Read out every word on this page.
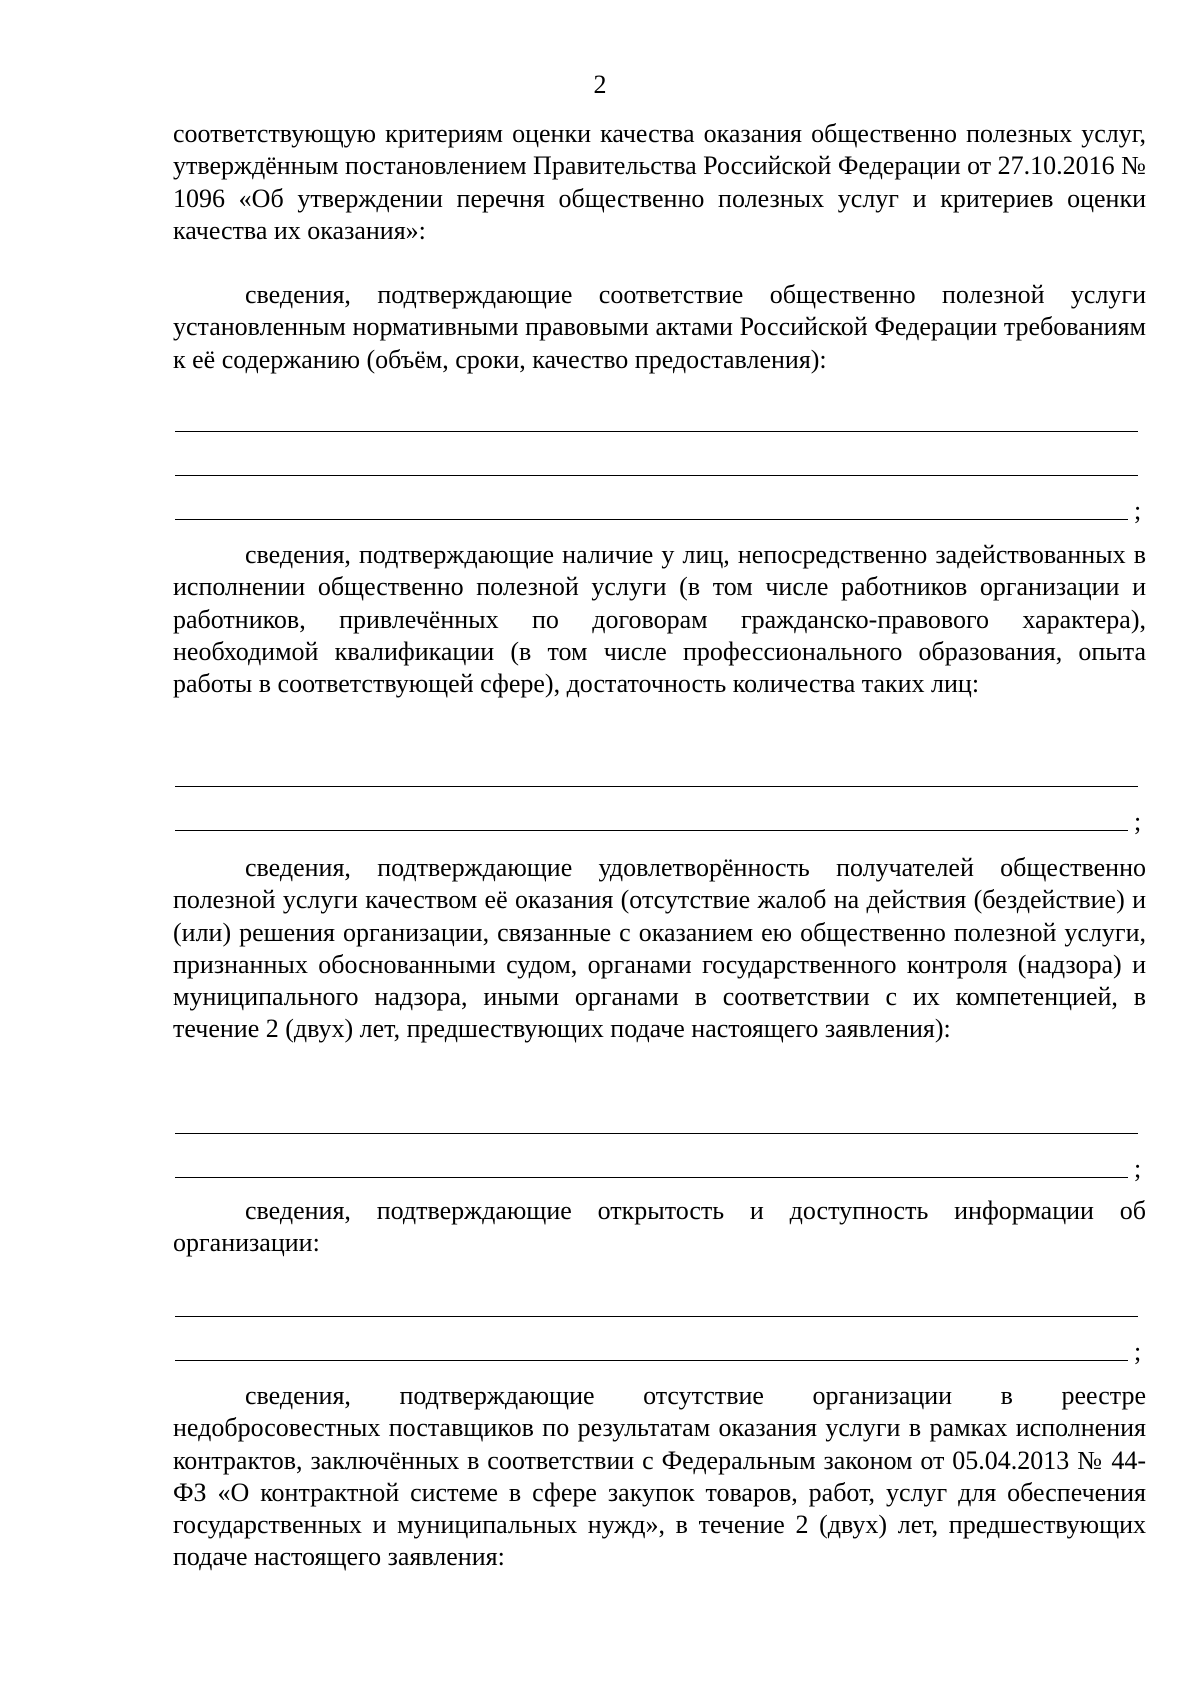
2

соответствующую критериям оценки качества оказания общественно полезных услуг, утверждённым постановлением Правительства Российской Федерации от 27.10.2016 № 1096 «Об утверждении перечня общественно полезных услуг и критериев оценки качества их оказания»:

сведения, подтверждающие соответствие общественно полезной услуги установленным нормативными правовыми актами Российской Федерации требованиям к её содержанию (объём, сроки, качество предоставления):

;

сведения, подтверждающие наличие у лиц, непосредственно задействованных в исполнении общественно полезной услуги (в том числе работников организации и работников, привлечённых по договорам гражданско-правового характера), необходимой квалификации (в том числе профессионального образования, опыта работы в соответствующей сфере), достаточность количества таких лиц:

;

сведения, подтверждающие удовлетворённость получателей общественно полезной услуги качеством её оказания (отсутствие жалоб на действия (бездействие) и (или) решения организации, связанные с оказанием ею общественно полезной услуги, признанных обоснованными судом, органами государственного контроля (надзора) и муниципального надзора, иными органами в соответствии с их компетенцией, в течение 2 (двух) лет, предшествующих подаче настоящего заявления):

;

сведения, подтверждающие открытость и доступность информации об организации:

;

сведения, подтверждающие отсутствие организации в реестре недобросовестных поставщиков по результатам оказания услуги в рамках исполнения контрактов, заключённых в соответствии с Федеральным законом от 05.04.2013 № 44-ФЗ «О контрактной системе в сфере закупок товаров, работ, услуг для обеспечения государственных и муниципальных нужд», в течение 2 (двух) лет, предшествующих подаче настоящего заявления:
